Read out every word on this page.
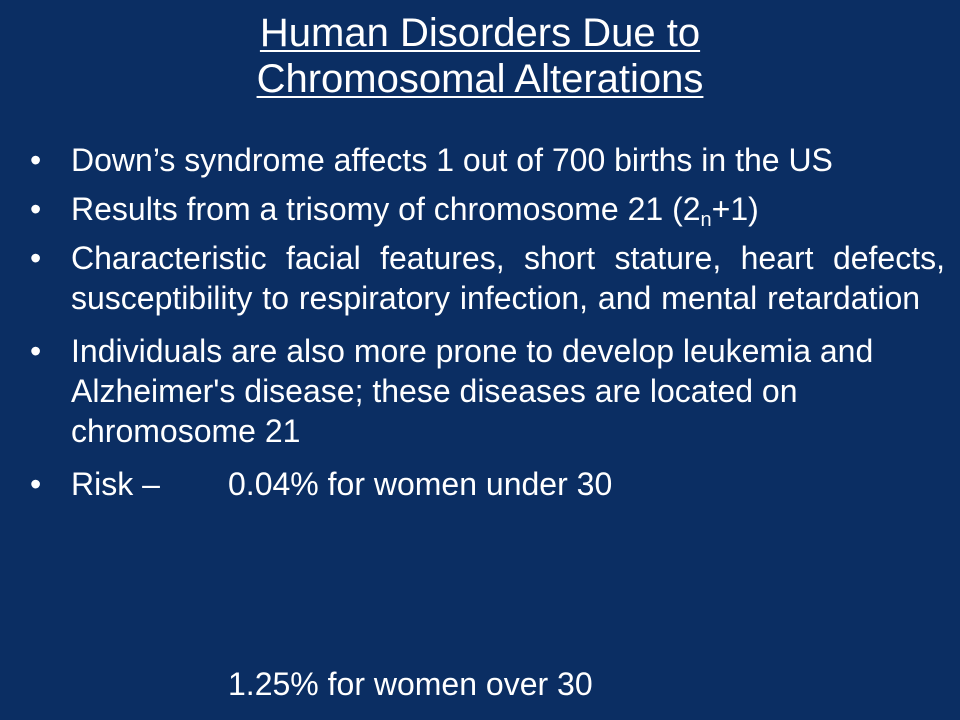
Human Disorders Due to
Chromosomal Alterations
• Down’s syndrome affects 1 out of 700 births in the US
• Results from a trisomy of chromosome 21 $(2_n+1)$
• Characteristic facial features, short stature, heart defects, susceptibility to respiratory infection, and mental retardation
• Individuals are also more prone to develop leukemia and Alzheimer's disease; these diseases are located on chromosome 21
• Risk –	0.04% for women under 30
1.25% for women over 30
